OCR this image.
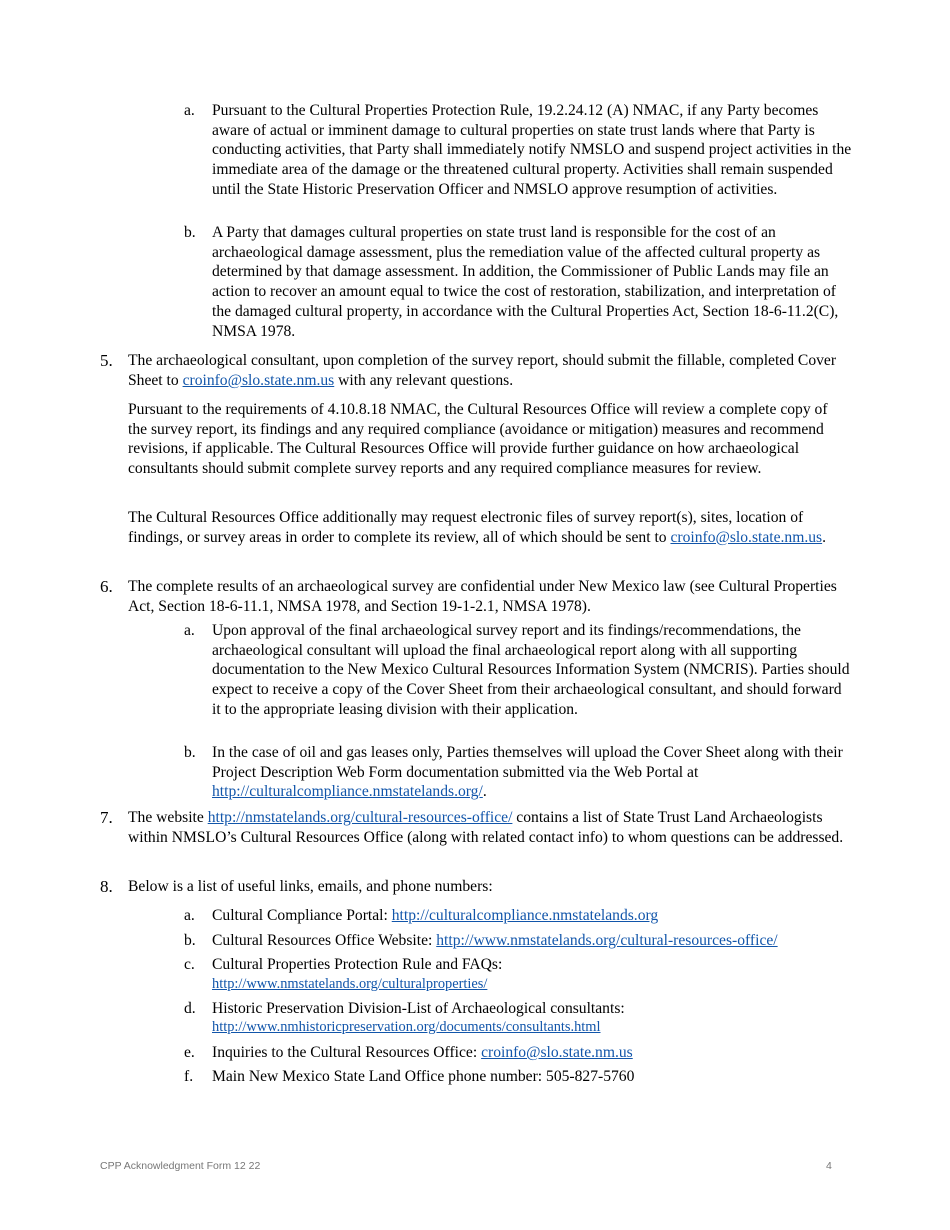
a. Pursuant to the Cultural Properties Protection Rule, 19.2.24.12 (A) NMAC, if any Party becomes aware of actual or imminent damage to cultural properties on state trust lands where that Party is conducting activities, that Party shall immediately notify NMSLO and suspend project activities in the immediate area of the damage or the threatened cultural property. Activities shall remain suspended until the State Historic Preservation Officer and NMSLO approve resumption of activities.

b. A Party that damages cultural properties on state trust land is responsible for the cost of an archaeological damage assessment, plus the remediation value of the affected cultural property as determined by that damage assessment. In addition, the Commissioner of Public Lands may file an action to recover an amount equal to twice the cost of restoration, stabilization, and interpretation of the damaged cultural property, in accordance with the Cultural Properties Act, Section 18-6-11.2(C), NMSA 1978.

5. The archaeological consultant, upon completion of the survey report, should submit the fillable, completed Cover Sheet to croinfo@slo.state.nm.us with any relevant questions.

Pursuant to the requirements of 4.10.8.18 NMAC, the Cultural Resources Office will review a complete copy of the survey report, its findings and any required compliance (avoidance or mitigation) measures and recommend revisions, if applicable. The Cultural Resources Office will provide further guidance on how archaeological consultants should submit complete survey reports and any required compliance measures for review.

The Cultural Resources Office additionally may request electronic files of survey report(s), sites, location of findings, or survey areas in order to complete its review, all of which should be sent to croinfo@slo.state.nm.us.

6. The complete results of an archaeological survey are confidential under New Mexico law (see Cultural Properties Act, Section 18-6-11.1, NMSA 1978, and Section 19-1-2.1, NMSA 1978).

a. Upon approval of the final archaeological survey report and its findings/recommendations, the archaeological consultant will upload the final archaeological report along with all supporting documentation to the New Mexico Cultural Resources Information System (NMCRIS). Parties should expect to receive a copy of the Cover Sheet from their archaeological consultant, and should forward it to the appropriate leasing division with their application.

b. In the case of oil and gas leases only, Parties themselves will upload the Cover Sheet along with their Project Description Web Form documentation submitted via the Web Portal at http://culturalcompliance.nmstatelands.org/.

7. The website http://nmstatelands.org/cultural-resources-office/ contains a list of State Trust Land Archaeologists within NMSLO’s Cultural Resources Office (along with related contact info) to whom questions can be addressed.

8. Below is a list of useful links, emails, and phone numbers:

a. Cultural Compliance Portal: http://culturalcompliance.nmstatelands.org

b. Cultural Resources Office Website: http://www.nmstatelands.org/cultural-resources-office/

c. Cultural Properties Protection Rule and FAQs:

http://www.nmstatelands.org/culturalproperties/
d. Historic Preservation Division-List of Archaeological consultants:

http://www.nmhistoricpreservation.org/documents/consultants.html
e. Inquiries to the Cultural Resources Office: croinfo@slo.state.nm.us

f. Main New Mexico State Land Office phone number: 505-827-5760

CPP Acknowledgment Form 12 22	4
